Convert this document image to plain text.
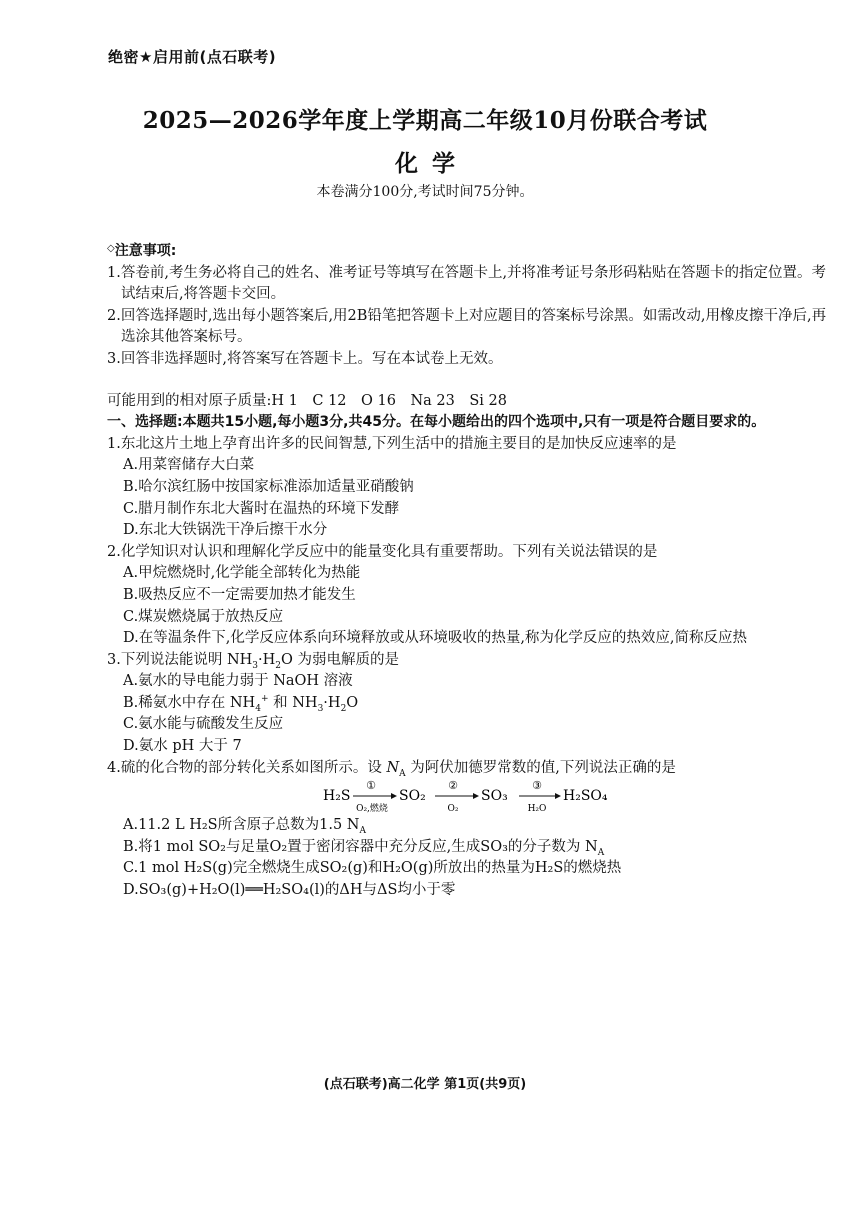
绝密★启用前(点石联考)
2025—2026学年度上学期高二年级10月份联合考试
化学
本卷满分100分,考试时间75分钟。
◇注意事项:
1.答卷前,考生务必将自己的姓名、准考证号等填写在答题卡上,并将准考证号条形码粘贴在答题卡的指定位置。考试结束后,将答题卡交回。
2.回答选择题时,选出每小题答案后,用2B铅笔把答题卡上对应题目的答案标号涂黑。如需改动,用橡皮擦干净后,再选涂其他答案标号。
3.回答非选择题时,将答案写在答题卡上。写在本试卷上无效。
可能用到的相对原子质量:H 1　C 12　O 16　Na 23　Si 28
一、选择题:本题共15小题,每小题3分,共45分。在每小题给出的四个选项中,只有一项是符合题目要求的。
1.东北这片土地上孕育出许多的民间智慧,下列生活中的措施主要目的是加快反应速率的是
A.用菜窖储存大白菜
B.哈尔滨红肠中按国家标准添加适量亚硝酸钠
C.腊月制作东北大酱时在温热的环境下发酵
D.东北大铁锅洗干净后擦干水分
2.化学知识对认识和理解化学反应中的能量变化具有重要帮助。下列有关说法错误的是
A.甲烷燃烧时,化学能全部转化为热能
B.吸热反应不一定需要加热才能发生
C.煤炭燃烧属于放热反应
D.在等温条件下,化学反应体系向环境释放或从环境吸收的热量,称为化学反应的热效应,简称反应热
3.下列说法能说明 $NH_3\cdot H_2O$ 为弱电解质的是
A.氨水的导电能力弱于 NaOH 溶液
B.稀氨水中存在 $NH_4^+$ 和 $NH_3\cdot H_2O$
C.氨水能与硫酸发生反应
D.氨水 pH 大于 7
4.硫的化合物的部分转化关系如图所示。设 $N_A$ 为阿伏加德罗常数的值,下列说法正确的是
H₂S
①
O₂,燃烧
SO₂
②
O₂
SO₃
③
H₂O
H₂SO₄
A.11.2 L H₂S所含原子总数为1.5 $N_A$
B.将1 mol SO₂与足量O₂置于密闭容器中充分反应,生成SO₃的分子数为 $N_A$
C.1 mol H₂S(g)完全燃烧生成SO₂(g)和H₂O(g)所放出的热量为H₂S的燃烧热
D.SO₃(g)+H₂O(l)══H₂SO₄(l)的ΔH与ΔS均小于零
(点石联考)高二化学 第1页(共9页)
